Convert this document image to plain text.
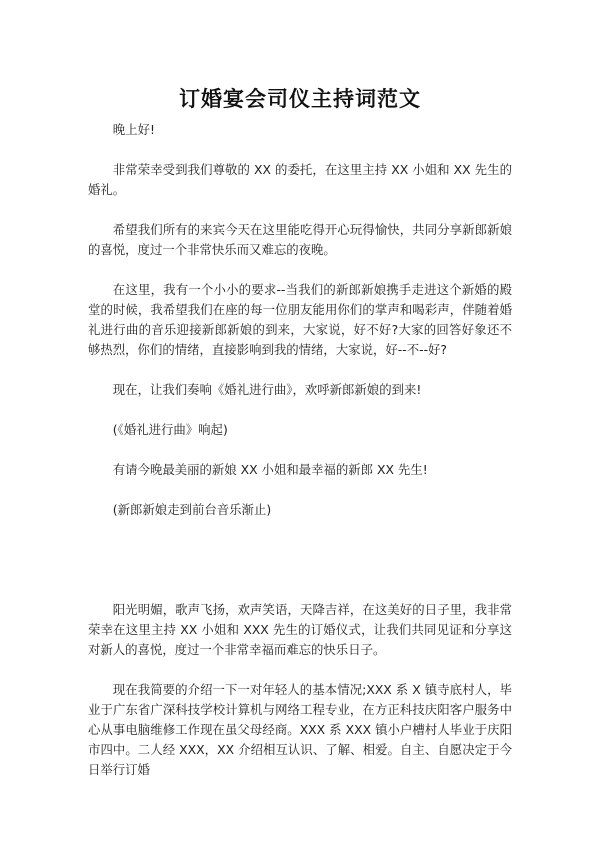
订婚宴会司仪主持词范文

晚上好!

非常荣幸受到我们尊敬的 XX 的委托，在这里主持 XX 小姐和 XX 先生的婚礼。

希望我们所有的来宾今天在这里能吃得开心玩得愉快，共同分享新郎新娘的喜悦，度过一个非常快乐而又难忘的夜晚。

在这里，我有一个小小的要求--当我们的新郎新娘携手走进这个新婚的殿堂的时候，我希望我们在座的每一位朋友能用你们的掌声和喝彩声，伴随着婚礼进行曲的音乐迎接新郎新娘的到来，大家说，好不好?大家的回答好象还不够热烈，你们的情绪，直接影响到我的情绪，大家说，好--不--好?

现在，让我们奏响《婚礼进行曲》，欢呼新郎新娘的到来!

(《婚礼进行曲》响起)

有请今晚最美丽的新娘 XX 小姐和最幸福的新郎 XX 先生!

(新郎新娘走到前台音乐渐止)

阳光明媚，歌声飞扬，欢声笑语，天降吉祥，在这美好的日子里，我非常荣幸在这里主持 XX 小姐和 XXX 先生的订婚仪式，让我们共同见证和分享这对新人的喜悦，度过一个非常幸福而难忘的快乐日子。

现在我简要的介绍一下一对年轻人的基本情况;XXX 系 X 镇寺底村人，毕业于广东省广深科技学校计算机与网络工程专业，在方正科技庆阳客户服务中心从事电脑维修工作现在虽父母经商。XXX 系 XXX 镇小户槽村人毕业于庆阳市四中。二人经 XXX，XX 介绍相互认识、了解、相爱。自主、自愿决定于今日举行订婚
